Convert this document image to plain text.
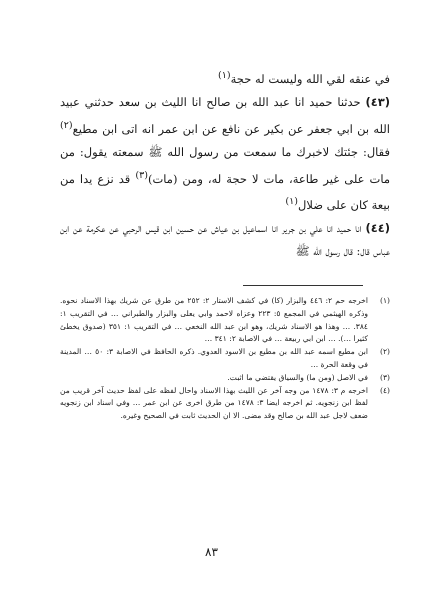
في عنقه لقي الله وليست له حجة$^{(١)}$

(٤٣) حدثنا حميد انا عبد الله بن صالح انا الليث بن سعد حدثني عبيد الله بن ابي جعفر عن بكير عن نافع عن ابن عمر انه اتى ابن مطيع$^{(٢)}$ فقال: جئتك لاخبرك ما سمعت من رسول الله ﷺ سمعته يقول: من مات على غير طاعة، مات لا حجة له، ومن (مات)$^{(٣)}$ قد نزع يدا من بيعة كان على ضلال$^{(١)}$

(٤٤) انا حميد انا علي بن جرير انا اسماعيل بن عياش عن حسين ابن قيس الرحبي عن عكرمة عن ابن عباس قال: قال رسول الله ﷺ

(١)
اخرجه حم ٢: ٤٤٦ والبزار (كا) في كشف الاستار ٢: ٢٥٢ من طرق عن شريك بهذا الاسناد نحوه. وذكره الهيثمي في المجمع ٥: ٢٢٣ وعزاه لاحمد وابي يعلى والبزار والطبراني … في التقريب ١: ٣٨٤. … وهذا هو الاسناد شريك، وهو ابن عبد الله النخعي … في التقريب ١: ٣٥١ (صدوق يخطئ كثيرا …). … ابن ابي ربيعة … في الاصابة ٢: ٣٤١ …

(٢)
ابن مطيع اسمه عبد الله بن مطيع بن الاسود العدوي. ذكره الحافظ في الاصابة ٣: ٥٠ … المدينة في وقعة الحرة …

(٣)
في الاصل (ومن ما) والسياق يقتضي ما اثبت.

(٤)
اخرجه م ٣: ١٤٧٨ من وجه آخر عن الليث بهذا الاسناد واحال لفظه على لفظ حديث آخر قريب من لفظ ابن زنجويه. ثم اخرجه ايضا ٣: ١٤٧٨ من طرق اخرى عن ابن عمر … وفي اسناد ابن زنجويه ضعف لاجل عبد الله بن صالح وقد مضى. الا ان الحديث ثابت في الصحيح وغيره.

٨٣
